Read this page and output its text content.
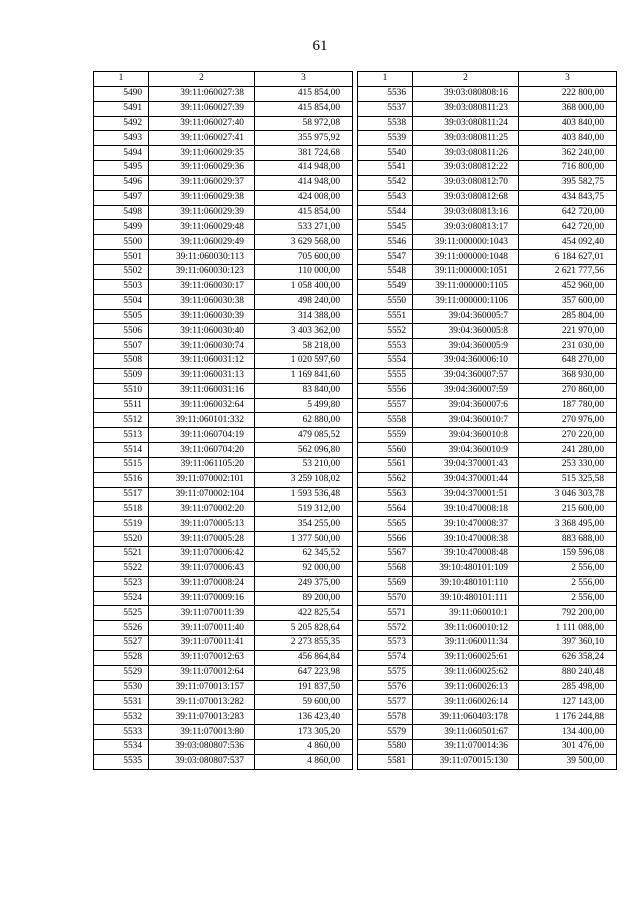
61
1	2	3
5490	39:11:060027:38	415 854,00
5491	39:11:060027:39	415 854,00
5492	39:11:060027:40	58 972,08
5493	39:11:060027:41	355 975,92
5494	39:11:060029:35	381 724,68
5495	39:11:060029:36	414 948,00
5496	39:11:060029:37	414 948,00
5497	39:11:060029:38	424 008,00
5498	39:11:060029:39	415 854,00
5499	39:11:060029:48	533 271,00
5500	39:11:060029:49	3 629 568,00
5501	39:11:060030:113	705 600,00
5502	39:11:060030:123	110 000,00
5503	39:11:060030:17	1 058 400,00
5504	39:11:060030:38	498 240,00
5505	39:11:060030:39	314 388,00
5506	39:11:060030:40	3 403 362,00
5507	39:11:060030:74	58 218,00
5508	39:11:060031:12	1 020 597,60
5509	39:11:060031:13	1 169 841,60
5510	39:11:060031:16	83 840,00
5511	39:11:060032:64	5 499,80
5512	39:11:060101:332	62 880,00
5513	39:11:060704:19	479 085,52
5514	39:11:060704:20	562 096,80
5515	39:11:061105:20	53 210,00
5516	39:11:070002:101	3 259 108,02
5517	39:11:070002:104	1 593 536,48
5518	39:11:070002:20	519 312,00
5519	39:11:070005:13	354 255,00
5520	39:11:070005:28	1 377 500,00
5521	39:11:070006:42	62 345,52
5522	39:11:070006:43	92 000,00
5523	39:11:070008:24	249 375,00
5524	39:11:070009:16	89 200,00
5525	39:11:070011:39	422 825,54
5526	39:11:070011:40	5 205 828,64
5527	39:11:070011:41	2 273 855,35
5528	39:11:070012:63	456 864,84
5529	39:11:070012:64	647 223,98
5530	39:11:070013:157	191 837,50
5531	39:11:070013:282	59 600,00
5532	39:11:070013:283	136 423,40
5533	39:11:070013:80	173 305,20
5534	39:03:080807:536	4 860,00
5535	39:03:080807:537	4 860,00
1	2	3
5536	39:03:080808:16	222 800,00
5537	39:03:080811:23	368 000,00
5538	39:03:080811:24	403 840,00
5539	39:03:080811:25	403 840,00
5540	39:03:080811:26	362 240,00
5541	39:03:080812:22	716 800,00
5542	39:03:080812:70	395 582,75
5543	39:03:080812:68	434 843,75
5544	39:03:080813:16	642 720,00
5545	39:03:080813:17	642 720,00
5546	39:11:000000:1043	454 092,40
5547	39:11:000000:1048	6 184 627,01
5548	39:11:000000:1051	2 621 777,56
5549	39:11:000000:1105	452 960,00
5550	39:11:000000:1106	357 600,00
5551	39:04:360005:7	285 804,00
5552	39:04:360005:8	221 970,00
5553	39:04:360005:9	231 030,00
5554	39:04:360006:10	648 270,00
5555	39:04:360007:57	368 930,00
5556	39:04:360007:59	270 860,00
5557	39:04:360007:6	187 780,00
5558	39:04:360010:7	270 976,00
5559	39:04:360010:8	270 220,00
5560	39:04:360010:9	241 280,00
5561	39:04:370001:43	253 330,00
5562	39:04:370001:44	515 325,58
5563	39:04:370001:51	3 046 303,78
5564	39:10:470008:18	215 600,00
5565	39:10:470008:37	3 368 495,00
5566	39:10:470008:38	883 688,00
5567	39:10:470008:48	159 596,08
5568	39:10:480101:109	2 556,00
5569	39:10:480101:110	2 556,00
5570	39:10:480101:111	2 556,00
5571	39:11:060010:1	792 200,00
5572	39:11:060010:12	1 111 088,00
5573	39:11:060011:34	397 360,10
5574	39:11:060025:61	626 358,24
5575	39:11:060025:62	880 240,48
5576	39:11:060026:13	285 498,00
5577	39:11:060026:14	127 143,00
5578	39:11:060403:178	1 176 244,88
5579	39:11:060501:67	134 400,00
5580	39:11:070014:36	301 476,00
5581	39:11:070015:130	39 500,00
